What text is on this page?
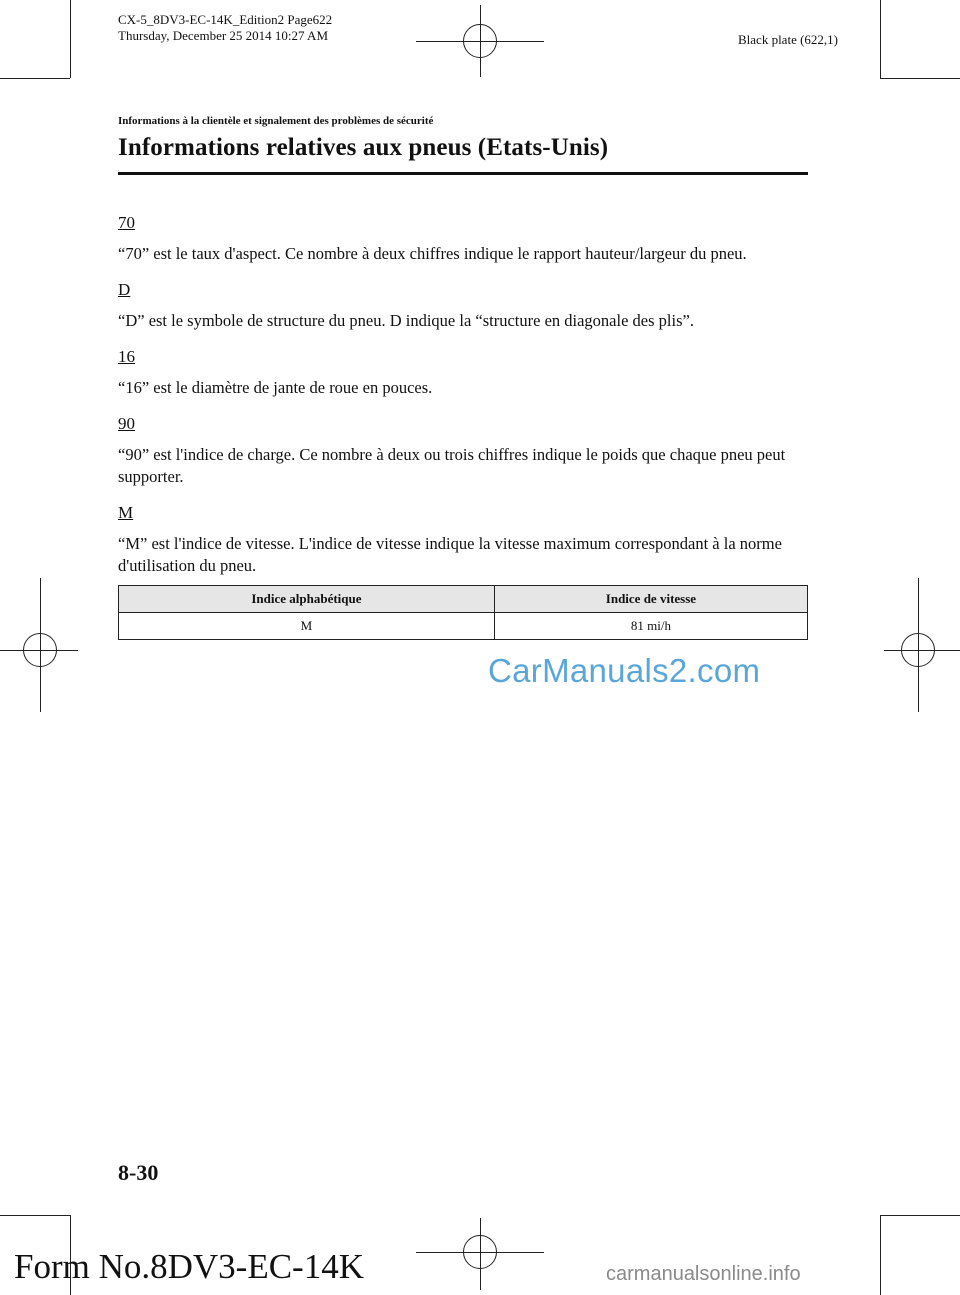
CX-5_8DV3-EC-14K_Edition2 Page622
Thursday, December 25 2014 10:27 AM	Black plate (622,1)
Informations à la clientèle et signalement des problèmes de sécurité
Informations relatives aux pneus (Etats-Unis)
70
“70” est le taux d'aspect. Ce nombre à deux chiffres indique le rapport hauteur/largeur du pneu.
D
“D” est le symbole de structure du pneu. D indique la “structure en diagonale des plis”.
16
“16” est le diamètre de jante de roue en pouces.
90
“90” est l'indice de charge. Ce nombre à deux ou trois chiffres indique le poids que chaque pneu peut supporter.
M
“M” est l'indice de vitesse. L'indice de vitesse indique la vitesse maximum correspondant à la norme d'utilisation du pneu.
Indice alphabétique	Indice de vitesse
M	81 mi/h
CarManuals2.com
8-30
Form No.8DV3-EC-14K	carmanualsonline.info
